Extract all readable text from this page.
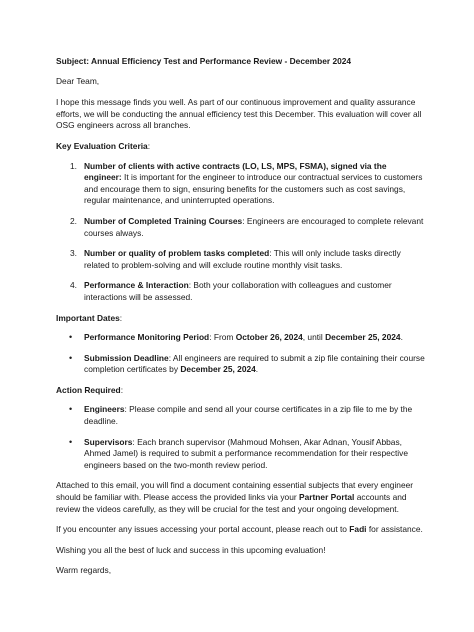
Subject: Annual Efficiency Test and Performance Review - December 2024

Dear Team,

I hope this message finds you well. As part of our continuous improvement and quality assurance efforts, we will be conducting the annual efficiency test this December. This evaluation will cover all OSG engineers across all branches.

Key Evaluation Criteria:

1. Number of clients with active contracts (LO, LS, MPS, FSMA), signed via the engineer: It is important for the engineer to introduce our contractual services to customers and encourage them to sign, ensuring benefits for the customers such as cost savings, regular maintenance, and uninterrupted operations.
2. Number of Completed Training Courses: Engineers are encouraged to complete relevant courses always.
3. Number or quality of problem tasks completed: This will only include tasks directly related to problem-solving and will exclude routine monthly visit tasks.
4. Performance & Interaction: Both your collaboration with colleagues and customer interactions will be assessed.

Important Dates:

•	Performance Monitoring Period: From October 26, 2024, until December 25, 2024.
•	Submission Deadline: All engineers are required to submit a zip file containing their course completion certificates by December 25, 2024.

Action Required:

•	Engineers: Please compile and send all your course certificates in a zip file to me by the deadline.
•	Supervisors: Each branch supervisor (Mahmoud Mohsen, Akar Adnan, Yousif Abbas, Ahmed Jamel) is required to submit a performance recommendation for their respective engineers based on the two-month review period.

Attached to this email, you will find a document containing essential subjects that every engineer should be familiar with. Please access the provided links via your Partner Portal accounts and review the videos carefully, as they will be crucial for the test and your ongoing development.

If you encounter any issues accessing your portal account, please reach out to Fadi for assistance.

Wishing you all the best of luck and success in this upcoming evaluation!

Warm regards,
